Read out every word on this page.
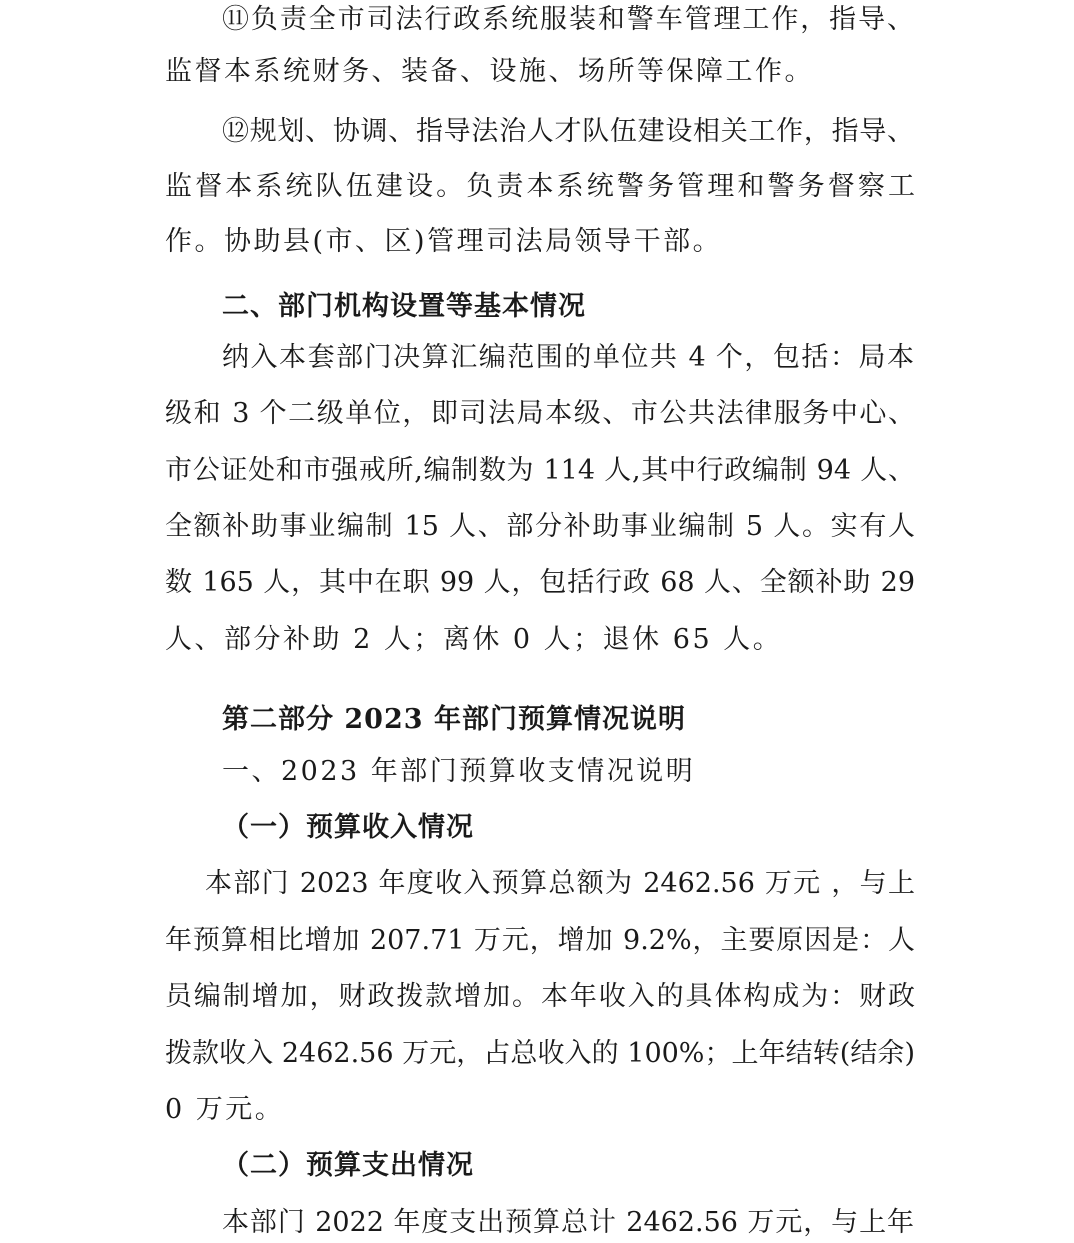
⑪负责全市司法行政系统服装和警车管理工作，指导、
监督本系统财务、装备、设施、场所等保障工作。
⑫规划、协调、指导法治人才队伍建设相关工作，指导、
监督本系统队伍建设。负责本系统警务管理和警务督察工
作。协助县(市、区)管理司法局领导干部。
二、部门机构设置等基本情况
纳入本套部门决算汇编范围的单位共 4 个，包括：局本
级和 3 个二级单位，即司法局本级、市公共法律服务中心、
市公证处和市强戒所,编制数为 114 人,其中行政编制 94 人、
全额补助事业编制 15 人、部分补助事业编制 5 人。实有人
数 165 人，其中在职 99 人，包括行政 68 人、全额补助 29
人、部分补助 2 人；离休 0 人；退休 65 人。
第二部分 2023 年部门预算情况说明
一、2023 年部门预算收支情况说明
（一）预算收入情况
本部门 2023 年度收入预算总额为 2462.56 万元 ，与上
年预算相比增加 207.71 万元，增加 9.2%，主要原因是：人
员编制增加，财政拨款增加。本年收入的具体构成为：财政
拨款收入 2462.56 万元，占总收入的 100%；上年结转(结余)
0 万元。
（二）预算支出情况
本部门 2022 年度支出预算总计 2462.56 万元，与上年
